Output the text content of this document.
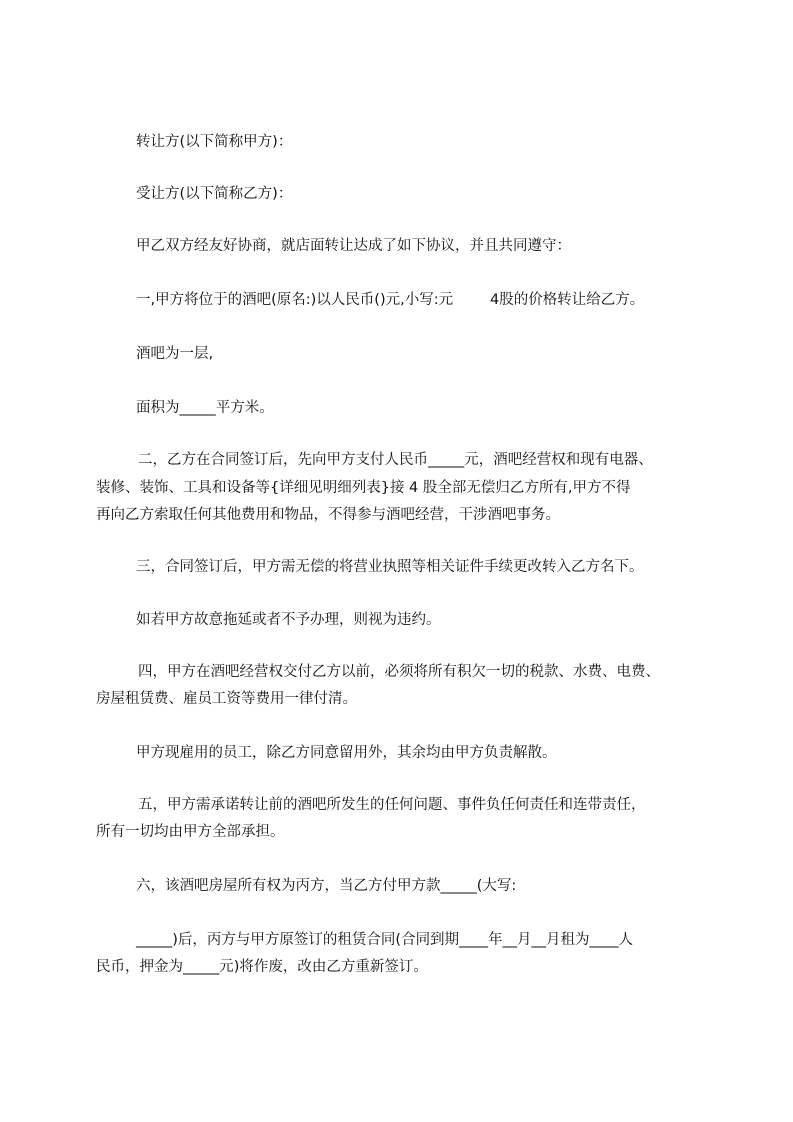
转让方(以下简称甲方)：

受让方(以下简称乙方)：

甲乙双方经友好协商，就店面转让达成了如下协议，并且共同遵守：

一,甲方将位于的酒吧(原名:)以人民币()元,小写:元        4股的价格转让给乙方。

酒吧为一层,

面积为_____平方米。

二，乙方在合同签订后，先向甲方支付人民币_____元，酒吧经营权和现有电器、

装修、装饰、工具和设备等{详细见明细列表}接 4 股全部无偿归乙方所有,甲方不得

再向乙方索取任何其他费用和物品，不得参与酒吧经营，干涉酒吧事务。

三，合同签订后，甲方需无偿的将营业执照等相关证件手续更改转入乙方名下。

如若甲方故意拖延或者不予办理，则视为违约。

四，甲方在酒吧经营权交付乙方以前，必须将所有积欠一切的税款、水费、电费、

房屋租赁费、雇员工资等费用一律付清。

甲方现雇用的员工，除乙方同意留用外，其余均由甲方负责解散。

五，甲方需承诺转让前的酒吧所发生的任何问题、事件负任何责任和连带责任，

所有一切均由甲方全部承担。

六，该酒吧房屋所有权为丙方，当乙方付甲方款_____(大写:

_____)后，丙方与甲方原签订的租赁合同(合同到期____年__月__月租为____人

民币，押金为_____元)将作废，改由乙方重新签订。
